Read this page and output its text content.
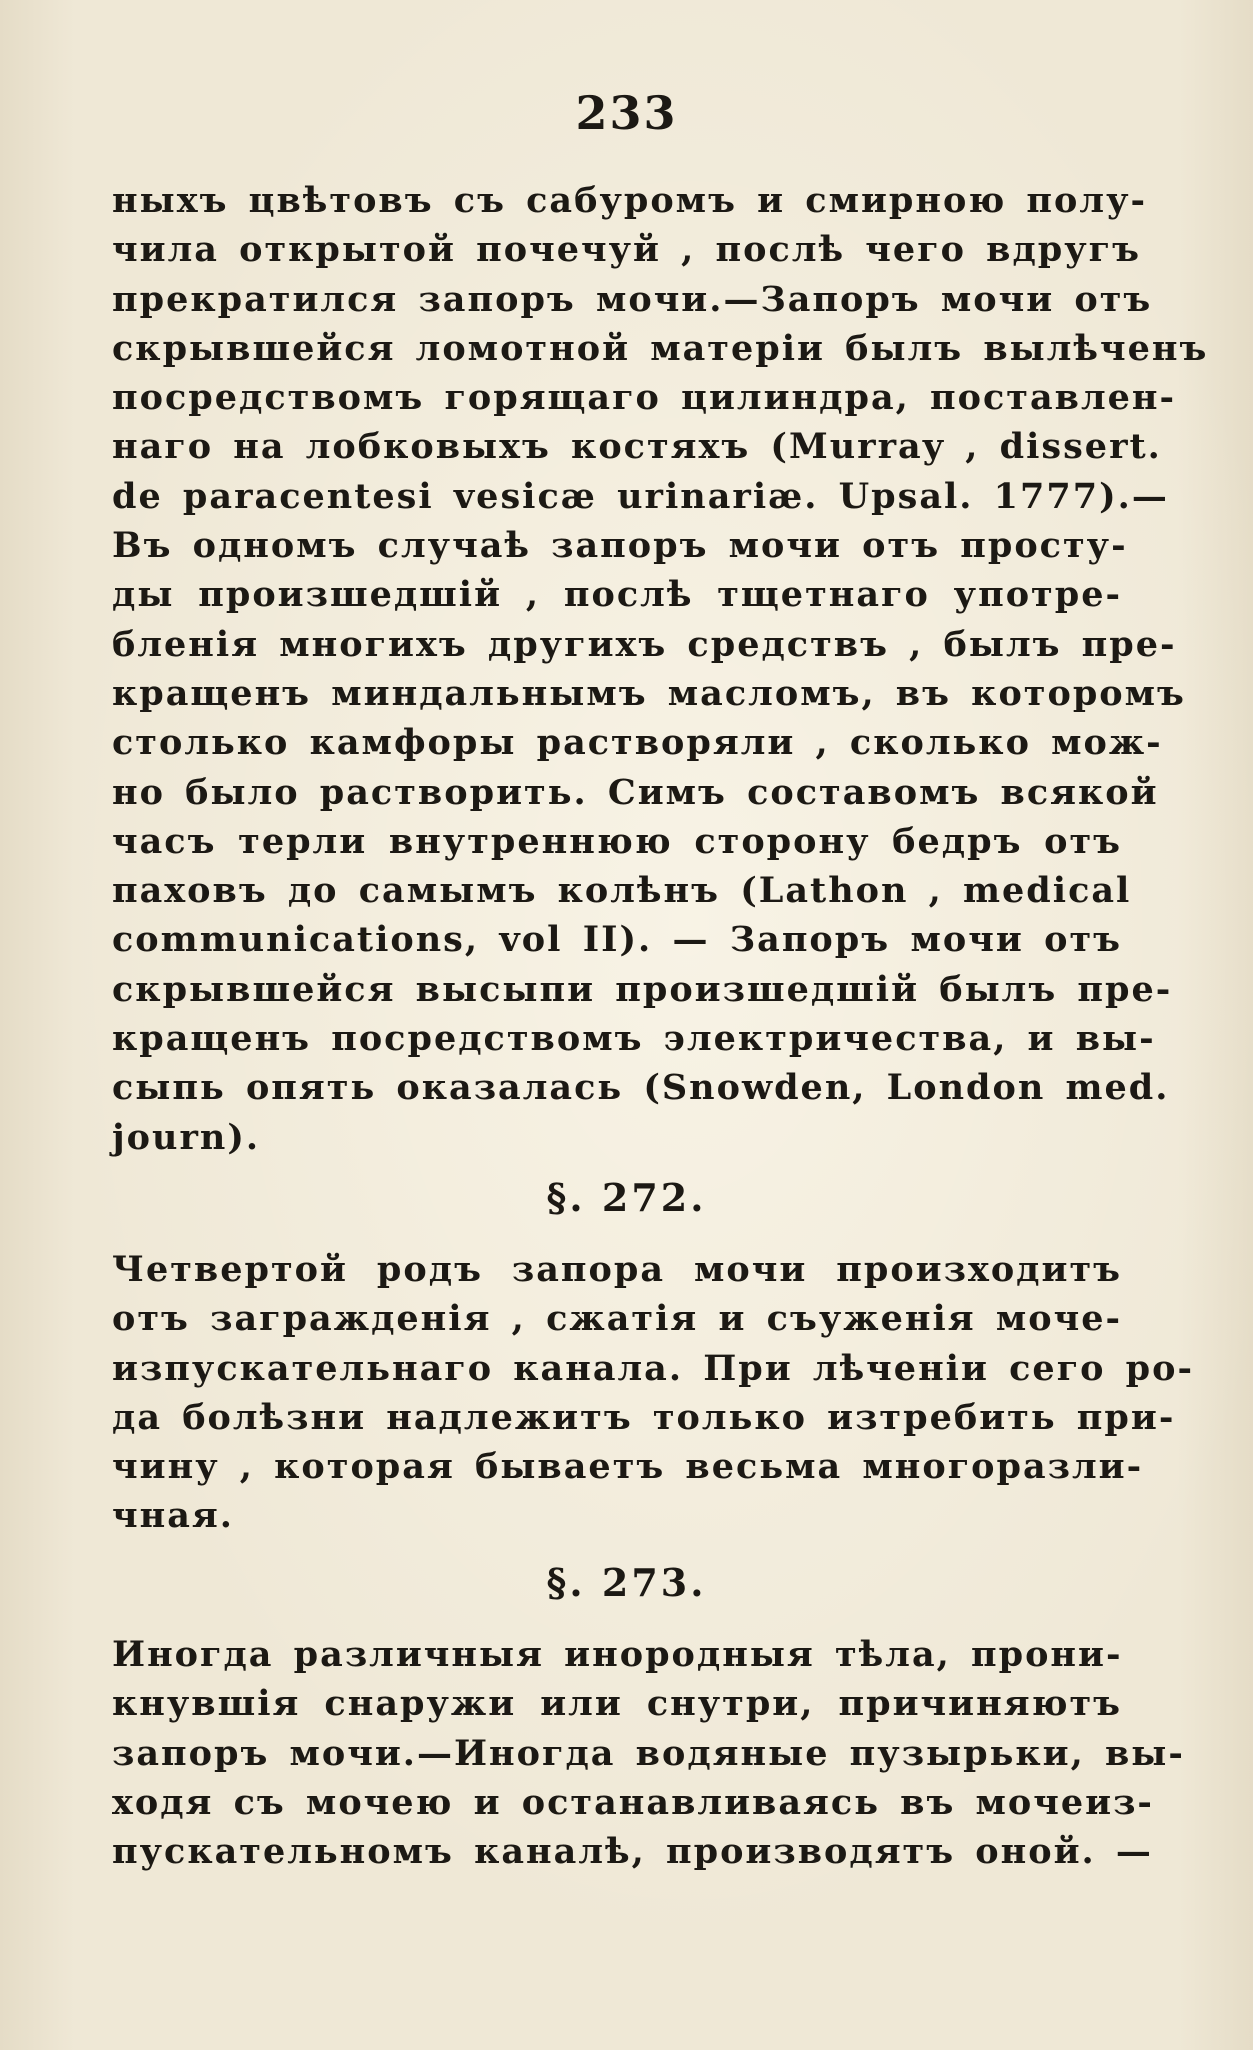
233
ныхъ цвѣтовъ съ сабуромъ и смирною полу-
чила открытой почечуй , послѣ чего вдругъ
прекратился запоръ мочи.—Запоръ мочи отъ
скрывшейся ломотной матеріи былъ вылѣченъ
посредствомъ горящаго цилиндра, поставлен-
наго на лобковыхъ костяхъ (Murray , dissert.
de paracentesi vesicæ urinariæ. Upsal. 1777).—
Въ одномъ случаѣ запоръ мочи отъ просту-
ды произшедшій , послѣ тщетнаго употре-
бленія многихъ другихъ средствъ , былъ пре-
кращенъ миндальнымъ масломъ, въ которомъ
столько камфоры растворяли , сколько мож-
но было растворить. Симъ составомъ всякой
часъ терли внутреннюю сторону бедръ отъ
паховъ до самымъ колѣнъ (Lathon , medical
communications, vol II). — Запоръ мочи отъ
скрывшейся высыпи произшедшій былъ пре-
кращенъ посредствомъ электричества, и вы-
сыпь опять оказалась (Snowden, London med.
journ).
§. 272.
Четвертой родъ запора мочи произходитъ
отъ загражденія , сжатія и съуженія моче-
изпускательнаго канала. При лѣченіи сего ро-
да болѣзни надлежитъ только изтребить при-
чину , которая бываетъ весьма многоразли-
чная.
§. 273.
Иногда различныя инородныя тѣла, прони-
кнувшія снаружи или снутри, причиняютъ
запоръ мочи.—Иногда водяные пузырьки, вы-
ходя съ мочею и останавливаясь въ мочеиз-
пускательномъ каналѣ, производятъ оной. —
